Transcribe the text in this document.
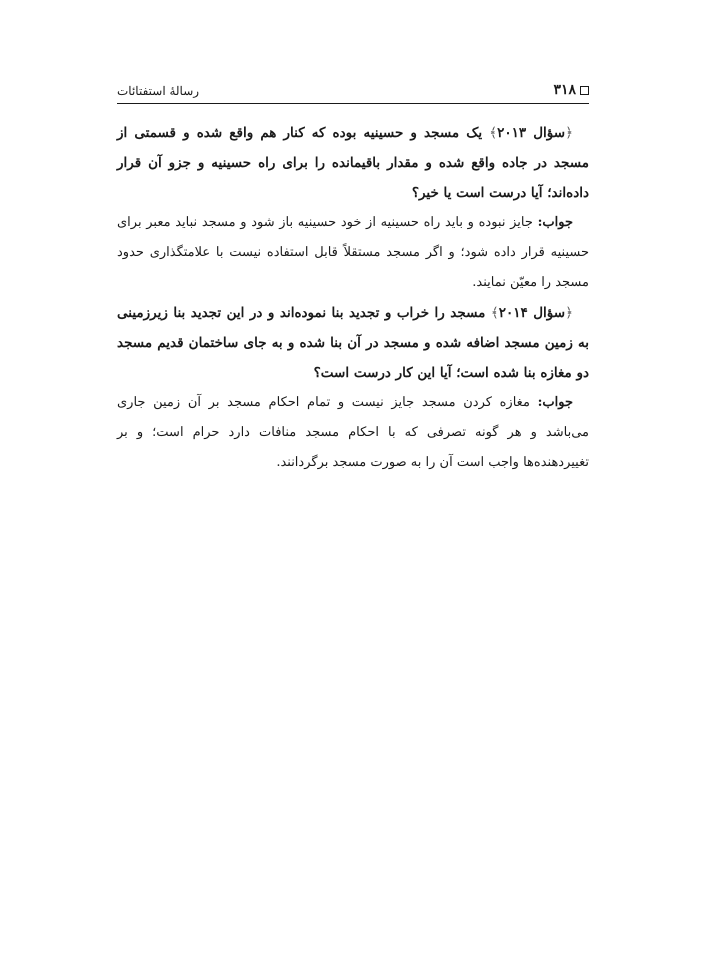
۳۱۸
رسالهٔ استفتائات

﴿سؤال ۲۰۱۳﴾ یک مسجد و حسینیه بوده که کنار هم واقع شده و قسمتی از مسجد در جاده واقع شده و مقدار باقیمانده را برای راه حسینیه و جزو آن قرار داده‌اند؛ آیا درست است یا خیر؟

جواب: جایز نبوده و باید راه حسینیه از خود حسینیه باز شود و مسجد نباید معبر برای حسینیه قرار داده شود؛ و اگر مسجد مستقلاً قابل استفاده نیست با علامتگذاری حدود مسجد را معیّن نمایند.

﴿سؤال ۲۰۱۴﴾ مسجد را خراب و تجدید بنا نموده‌اند و در این تجدید بنا زیرزمینی به زمین مسجد اضافه شده و مسجد در آن بنا شده و به جای ساختمان قدیم مسجد دو مغازه بنا شده است؛ آیا این کار درست است؟

جواب: مغازه کردن مسجد جایز نیست و تمام احکام مسجد بر آن زمین جاری می‌باشد و هر گونه تصرفی که با احکام مسجد منافات دارد حرام است؛ و بر تغییردهنده‌ها واجب است آن را به صورت مسجد برگردانند.
